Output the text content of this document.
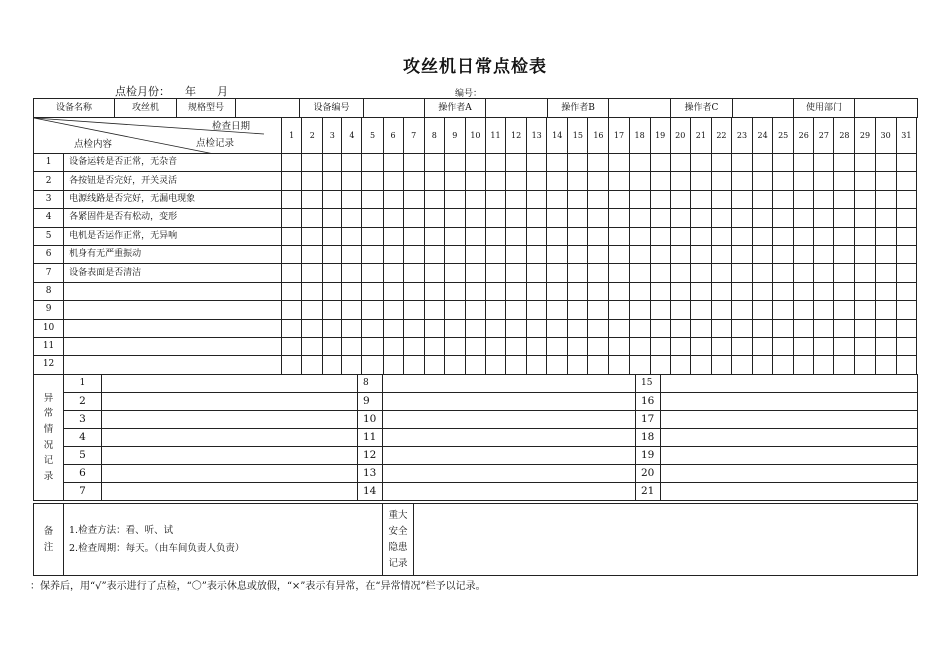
攻丝机日常点检表
点检月份： 年 月	编号：
设备名称	攻丝机	规格型号		设备编号		操作者A		操作者B		操作者C		使用部门	
检查日期
点检记录
点检内容		1	2	3	4	5	6	7	8	9	10	11	12	13	14	15	16	17	18	19	20	21	22	23	24	25	26	27	28	29	30	31
1	设备运转是否正常，无杂音																															
2	各按钮是否完好，开关灵活																															
3	电源线路是否完好，无漏电现象																															
4	各紧固件是否有松动，变形																															
5	电机是否运作正常，无异响																															
6	机身有无严重振动																															
7	设备表面是否清洁																															
8																																
9																																
10																																
11																																
12																																
异常情况记录	1		8		15	
	2		9		16	
	3		10		17	
	4		11		18	
	5		12		19	
	6		13		20	
	7		14		21	
备注	
1.检查方法：看、听、试
2.检查周期：每天。（由车间负责人负责）
	重大安全隐患记录	
：保养后，用“√”表示进行了点检，“〇”表示休息或放假，“×”表示有异常，在“异常情况”栏予以记录。
